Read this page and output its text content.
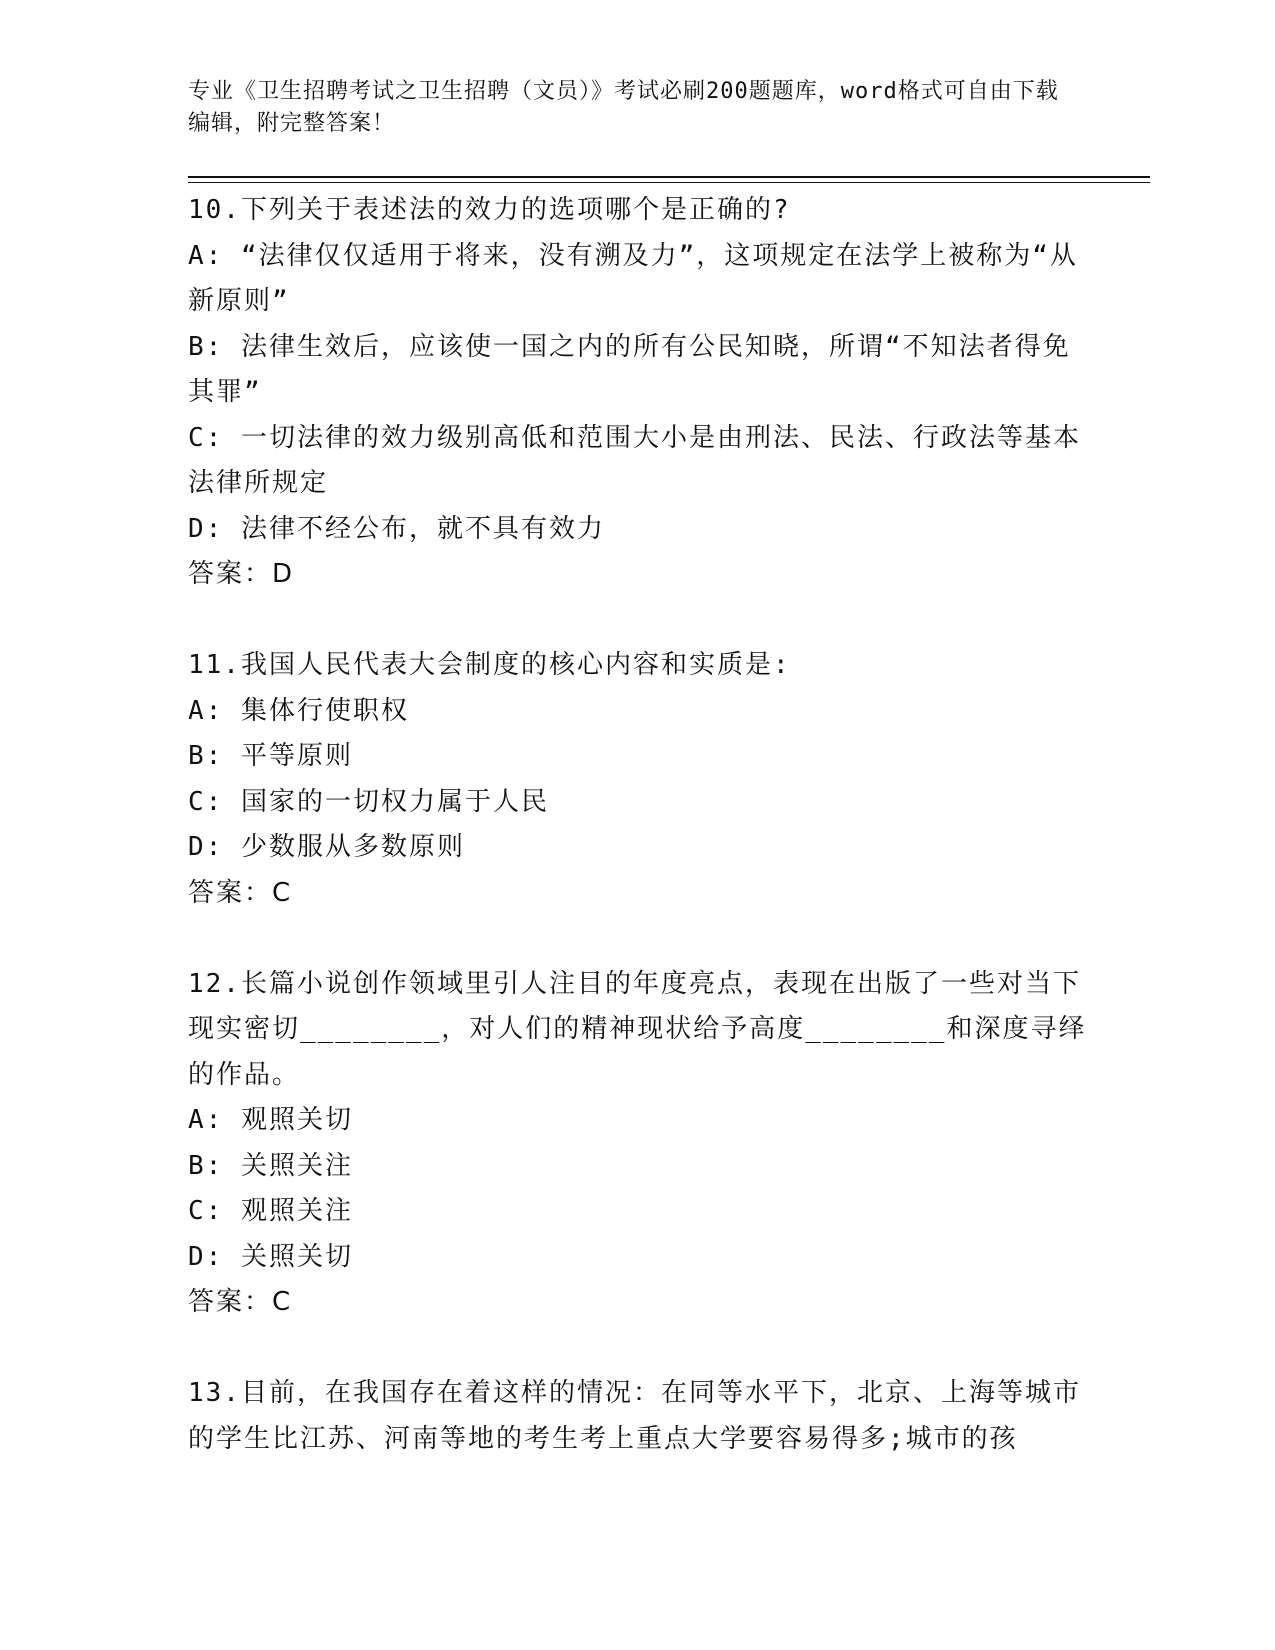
专业《卫生招聘考试之卫生招聘（文员）》考试必刷200题题库，word格式可自由下载编辑，附完整答案！

10.下列关于表述法的效力的选项哪个是正确的?

A: “法律仅仅适用于将来，没有溯及力”，这项规定在法学上被称为“从新原则”

B: 法律生效后，应该使一国之内的所有公民知晓，所谓“不知法者得免其罪”

C: 一切法律的效力级别高低和范围大小是由刑法、民法、行政法等基本法律所规定

D: 法律不经公布，就不具有效力

答案：D

11.我国人民代表大会制度的核心内容和实质是:

A: 集体行使职权

B: 平等原则

C: 国家的一切权力属于人民

D: 少数服从多数原则

答案：C

12.长篇小说创作领域里引人注目的年度亮点，表现在出版了一些对当下现实密切________，对人们的精神现状给予高度________和深度寻绎的作品。

A: 观照关切

B: 关照关注

C: 观照关注

D: 关照关切

答案：C

13.目前，在我国存在着这样的情况：在同等水平下，北京、上海等城市的学生比江苏、河南等地的考生考上重点大学要容易得多;城市的孩
